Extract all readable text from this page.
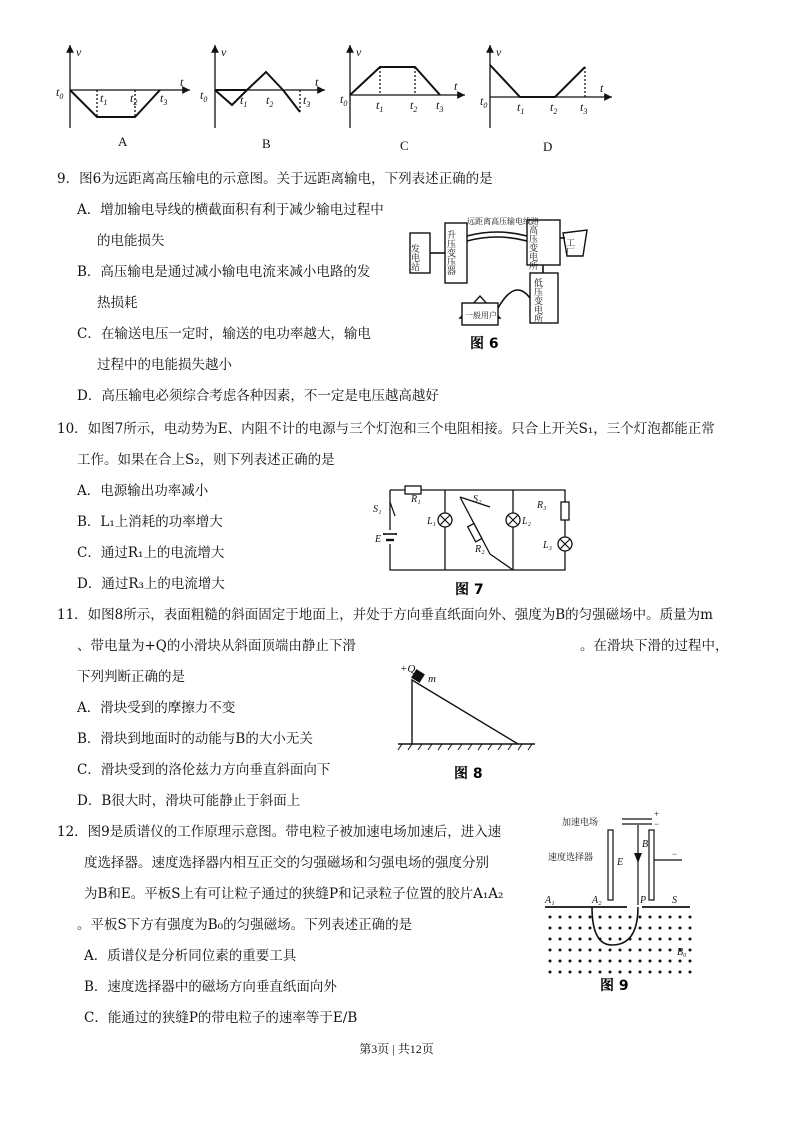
v
t
$t_0$	$t_1$ $t_2$ $t_3$
v
t
$t_0$	$t_1$ $t_2$ $t_3$
v
t
$t_0$ $t_1$ $t_2$ $t_3$
v
t
$t_0$ $t_1$ $t_2$ $t_3$
A	B	C	D
9．图6为远距离高压输电的示意图。关于远距离输电，下列表述正确的是
A．增加输电导线的横截面积有利于减少输电过程中
的电能损失
B．高压输电是通过减小输电电流来减小电路的发
热损耗
C．在输送电压一定时，输送的电功率越大，输电
过程中的电能损失越小
D．高压输电必须综合考虑各种因素，不一定是电压越高越好
发电站	升压变压器
远距离高压输电线路
高压变电所	工厂
低压变电所
一般用户
图 6
10．如图7所示，电动势为E、内阻不计的电源与三个灯泡和三个电阻相接。只合上开关S₁，三个灯泡都能正常
工作。如果在合上S₂，则下列表述正确的是
A．电源输出功率减小
B．L₁上消耗的功率增大
C．通过R₁上的电流增大
D．通过R₃上的电流增大
S₁
R₁	S₂
R₃
L₁	L₂
L₃
E
R₂
图 7
11．如图8所示，表面粗糙的斜面固定于地面上，并处于方向垂直纸面向外、强度为B的匀强磁场中。质量为m
、带电量为+Q的小滑块从斜面顶端由静止下滑	。在滑块下滑的过程中，
下列判断正确的是
A．滑块受到的摩擦力不变
B．滑块到地面时的动能与B的大小无关
C．滑块受到的洛伦兹力方向垂直斜面向下
D．B很大时，滑块可能静止于斜面上
+Q
m
图 8
12．图9是质谱仪的工作原理示意图。带电粒子被加速电场加速后，进入速
度选择器。速度选择器内相互正交的匀强磁场和匀强电场的强度分别
为B和E。平板S上有可让粒子通过的狭缝P和记录粒子位置的胶片A₁A₂
。平板S下方有强度为B₀的匀强磁场。下列表述正确的是
A．质谱仪是分析同位素的重要工具
B．速度选择器中的磁场方向垂直纸面向外
C．能通过的狭缝P的带电粒子的速率等于E/B
加速电场
速度选择器
+
−
−
E
B
A₁	A₂	P	S
B₀
图 9
第3页 | 共12页
